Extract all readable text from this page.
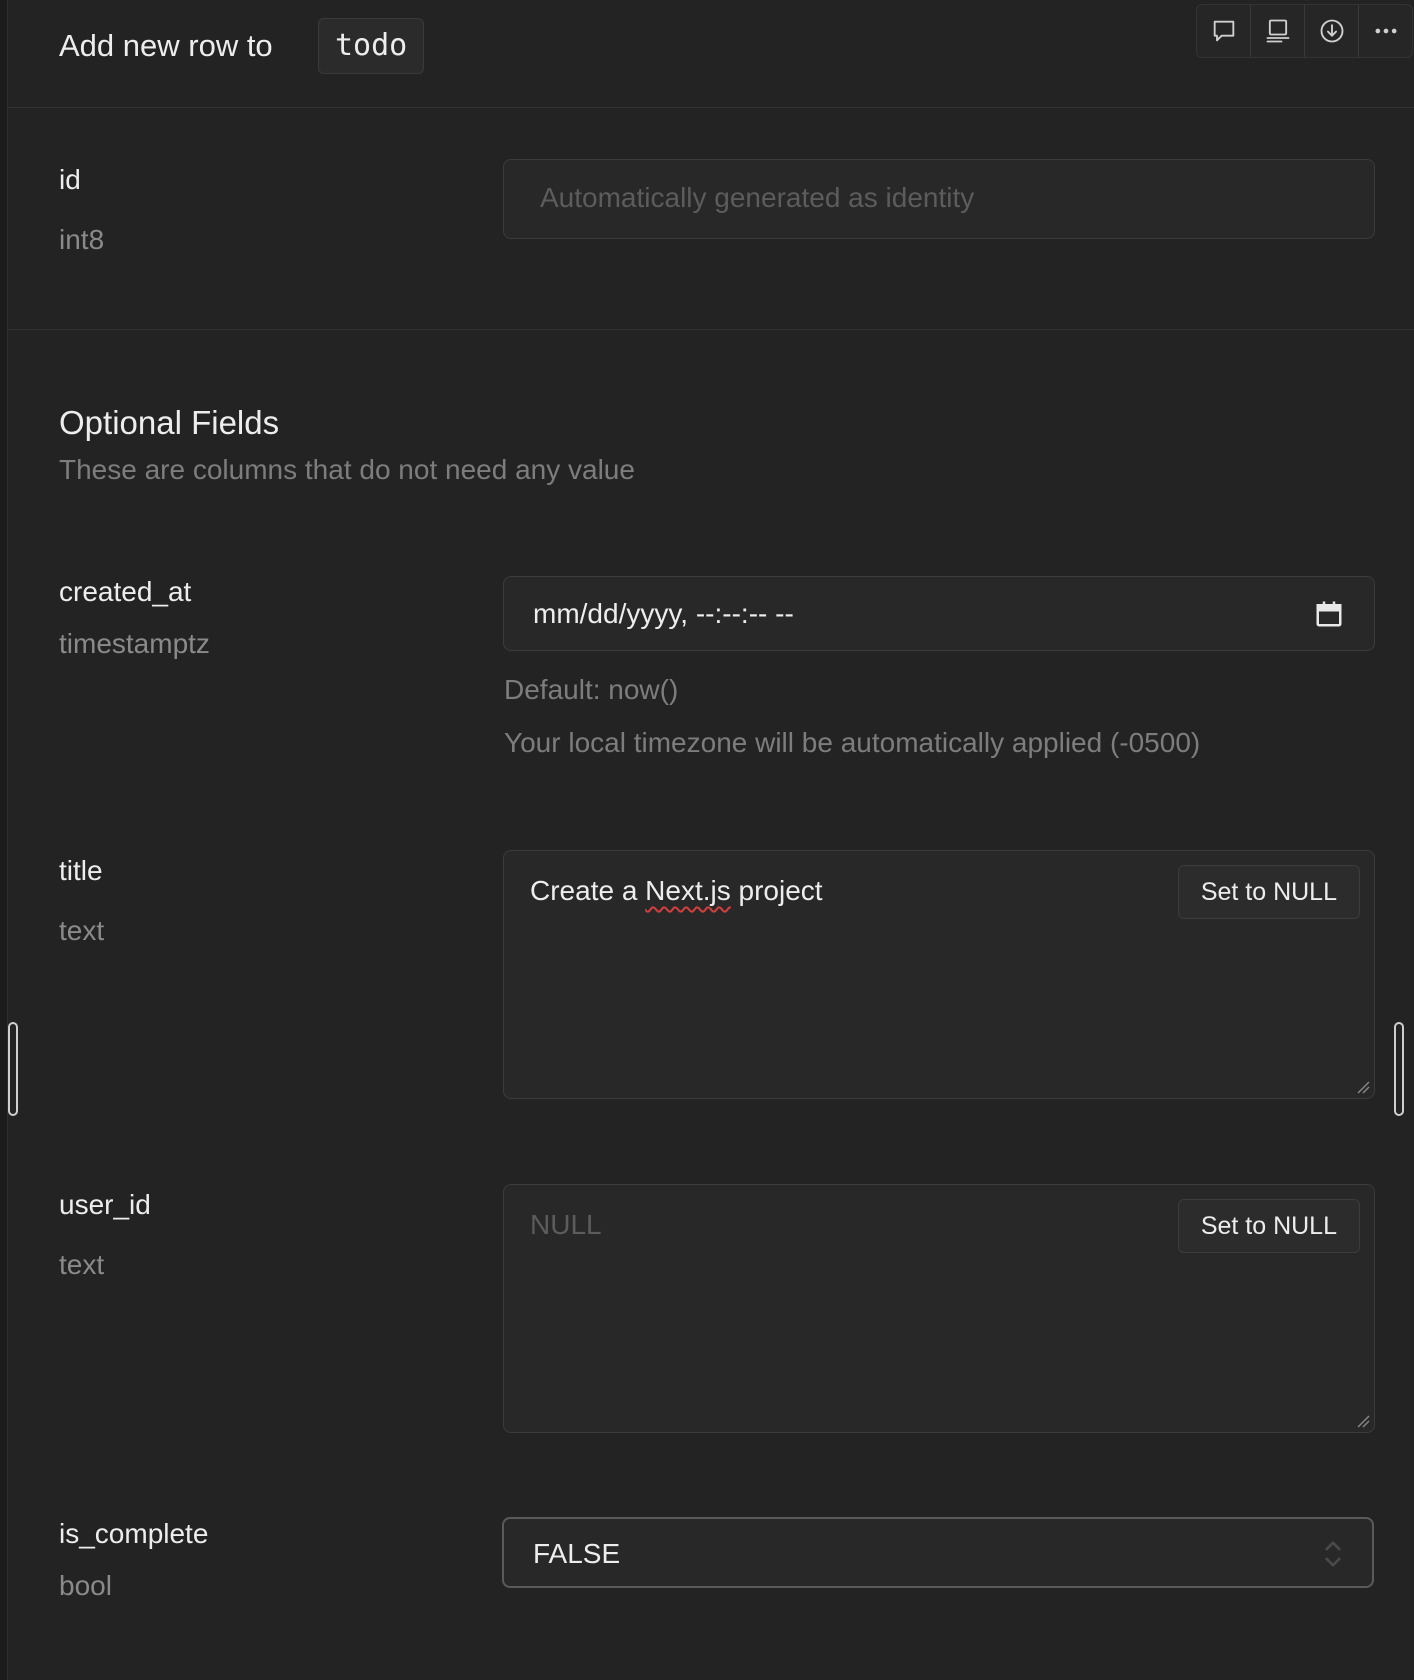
Add new row to	todo
id
int8
Automatically generated as identity
Optional Fields
These are columns that do not need any value
created_at
timestamptz
mm/dd/yyyy, --:--:-- --
Default: now()
Your local timezone will be automatically applied (-0500)
title
text
Create a Next.js project	Set to NULL
user_id
text
NULL	Set to NULL
is_complete
bool
FALSE
